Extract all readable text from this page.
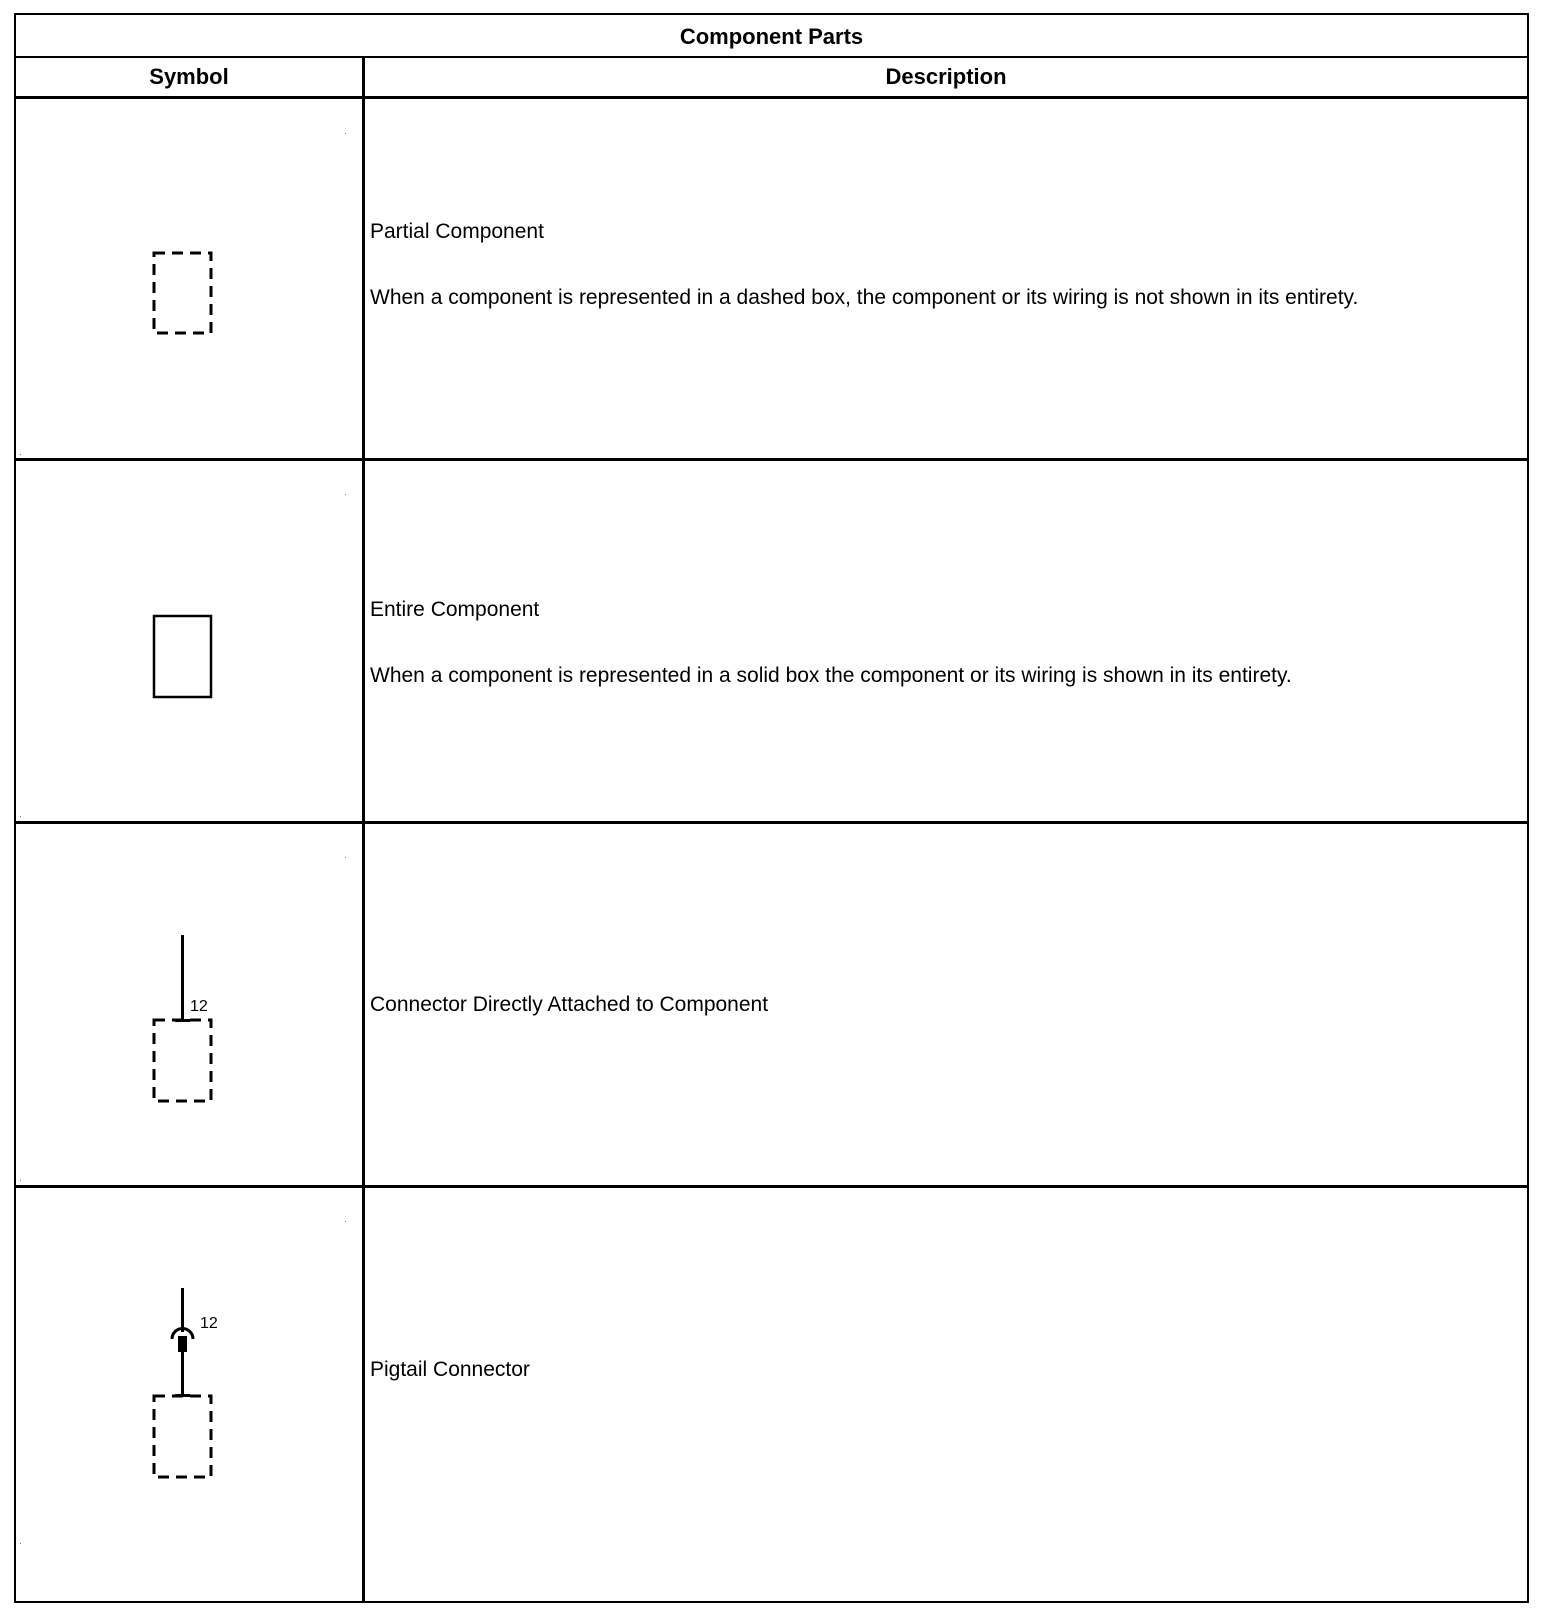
Component Parts
Symbol	Description
Partial Component
When a component is represented in a dashed box, the component or its wiring is not shown in its entirety.
Entire Component
When a component is represented in a solid box the component or its wiring is shown in its entirety.
12	Connector Directly Attached to Component
12
Pigtail Connector
